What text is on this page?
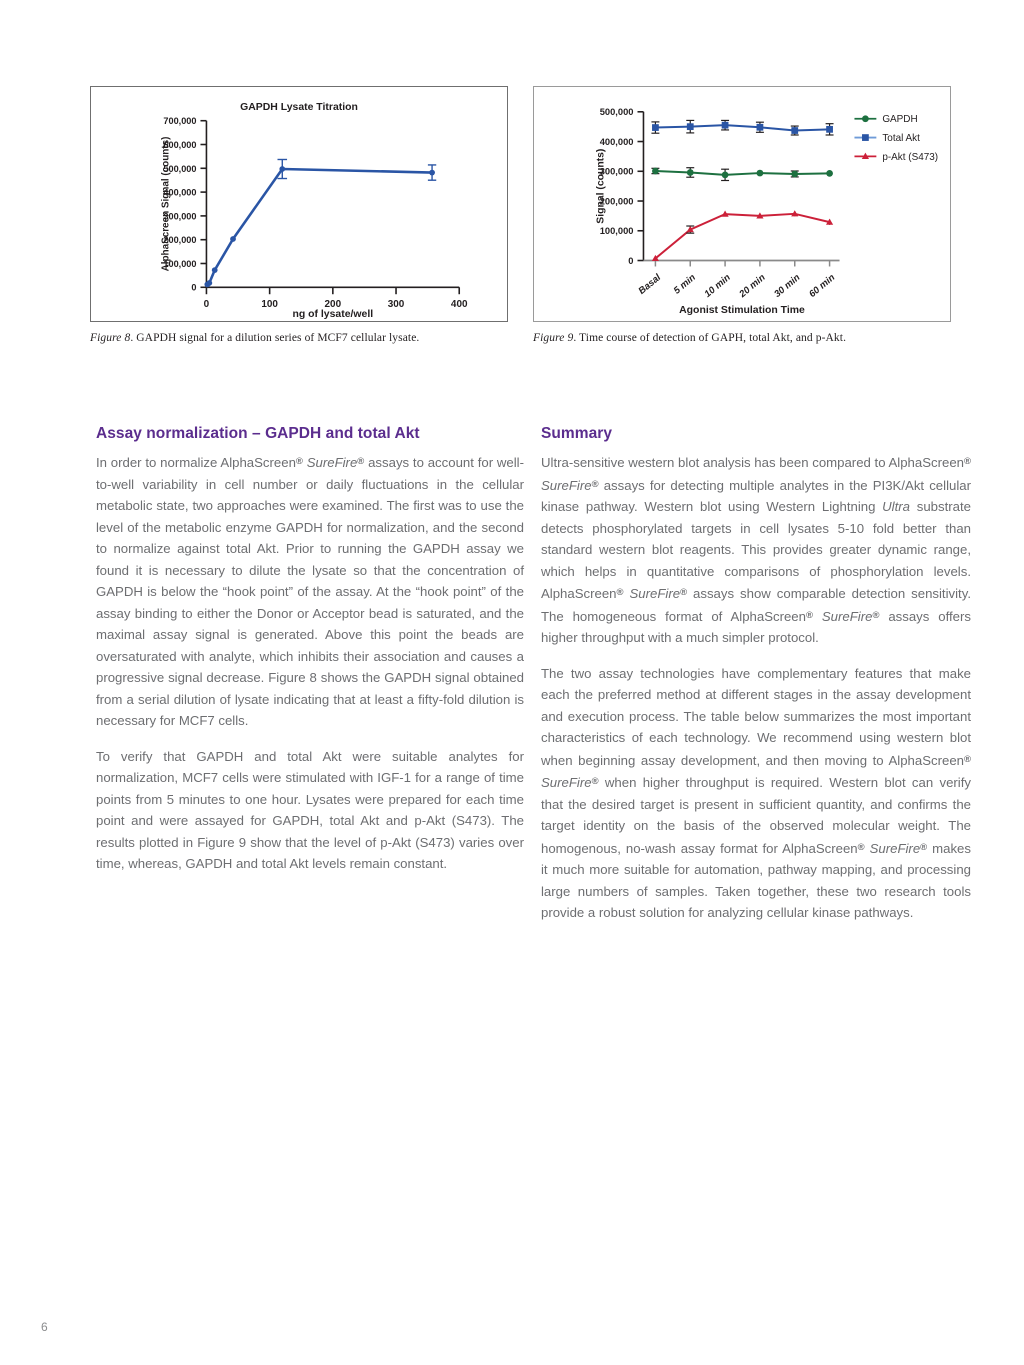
GAPDH Lysate Titration
0
100,000
200,000
300,000
400,000
500,000
600,000
700,000
0	100	200	300	400
AlphaScreen Signal (counts)
ng of lysate/well
Figure 8. GAPDH signal for a dilution series of MCF7 cellular lysate.
0
100,000
200,000
300,000
400,000
500,000
Basal 5 min 10 min 20 min 30 min 60 min
Signal (counts)
Agonist Stimulation Time
GAPDH
Total Akt
p-Akt (S473)
Figure 9. Time course of detection of GAPH, total Akt, and p-Akt.
Assay normalization – GAPDH and total Akt

In order to normalize AlphaScreen® SureFire® assays to account for well-to-well variability in cell number or daily fluctuations in the cellular metabolic state, two approaches were examined. The first was to use the level of the metabolic enzyme GAPDH for normalization, and the second to normalize against total Akt. Prior to running the GAPDH assay we found it is necessary to dilute the lysate so that the concentration of GAPDH is below the “hook point” of the assay. At the “hook point” of the assay binding to either the Donor or Acceptor bead is saturated, and the maximal assay signal is generated. Above this point the beads are oversaturated with analyte, which inhibits their association and causes a progressive signal decrease. Figure 8 shows the GAPDH signal obtained from a serial dilution of lysate indicating that at least a fifty-fold dilution is necessary for MCF7 cells.

To verify that GAPDH and total Akt were suitable analytes for normalization, MCF7 cells were stimulated with IGF-1 for a range of time points from 5 minutes to one hour. Lysates were prepared for each time point and were assayed for GAPDH, total Akt and p-Akt (S473). The results plotted in Figure 9 show that the level of p-Akt (S473) varies over time, whereas, GAPDH and total Akt levels remain constant.

Summary

Ultra-sensitive western blot analysis has been compared to AlphaScreen® SureFire® assays for detecting multiple analytes in the PI3K/Akt cellular kinase pathway. Western blot using Western Lightning Ultra substrate detects phosphorylated targets in cell lysates 5-10 fold better than standard western blot reagents. This provides greater dynamic range, which helps in quantitative comparisons of phosphorylation levels. AlphaScreen® SureFire® assays show comparable detection sensitivity. The homogeneous format of AlphaScreen® SureFire® assays offers higher throughput with a much simpler protocol.

The two assay technologies have complementary features that make each the preferred method at different stages in the assay development and execution process. The table below summarizes the most important characteristics of each technology. We recommend using western blot when beginning assay development, and then moving to AlphaScreen® SureFire® when higher throughput is required. Western blot can verify that the desired target is present in sufficient quantity, and confirms the target identity on the basis of the observed molecular weight. The homogenous, no-wash assay format for AlphaScreen® SureFire® makes it much more suitable for automation, pathway mapping, and processing large numbers of samples. Taken together, these two research tools provide a robust solution for analyzing cellular kinase pathways.

6
